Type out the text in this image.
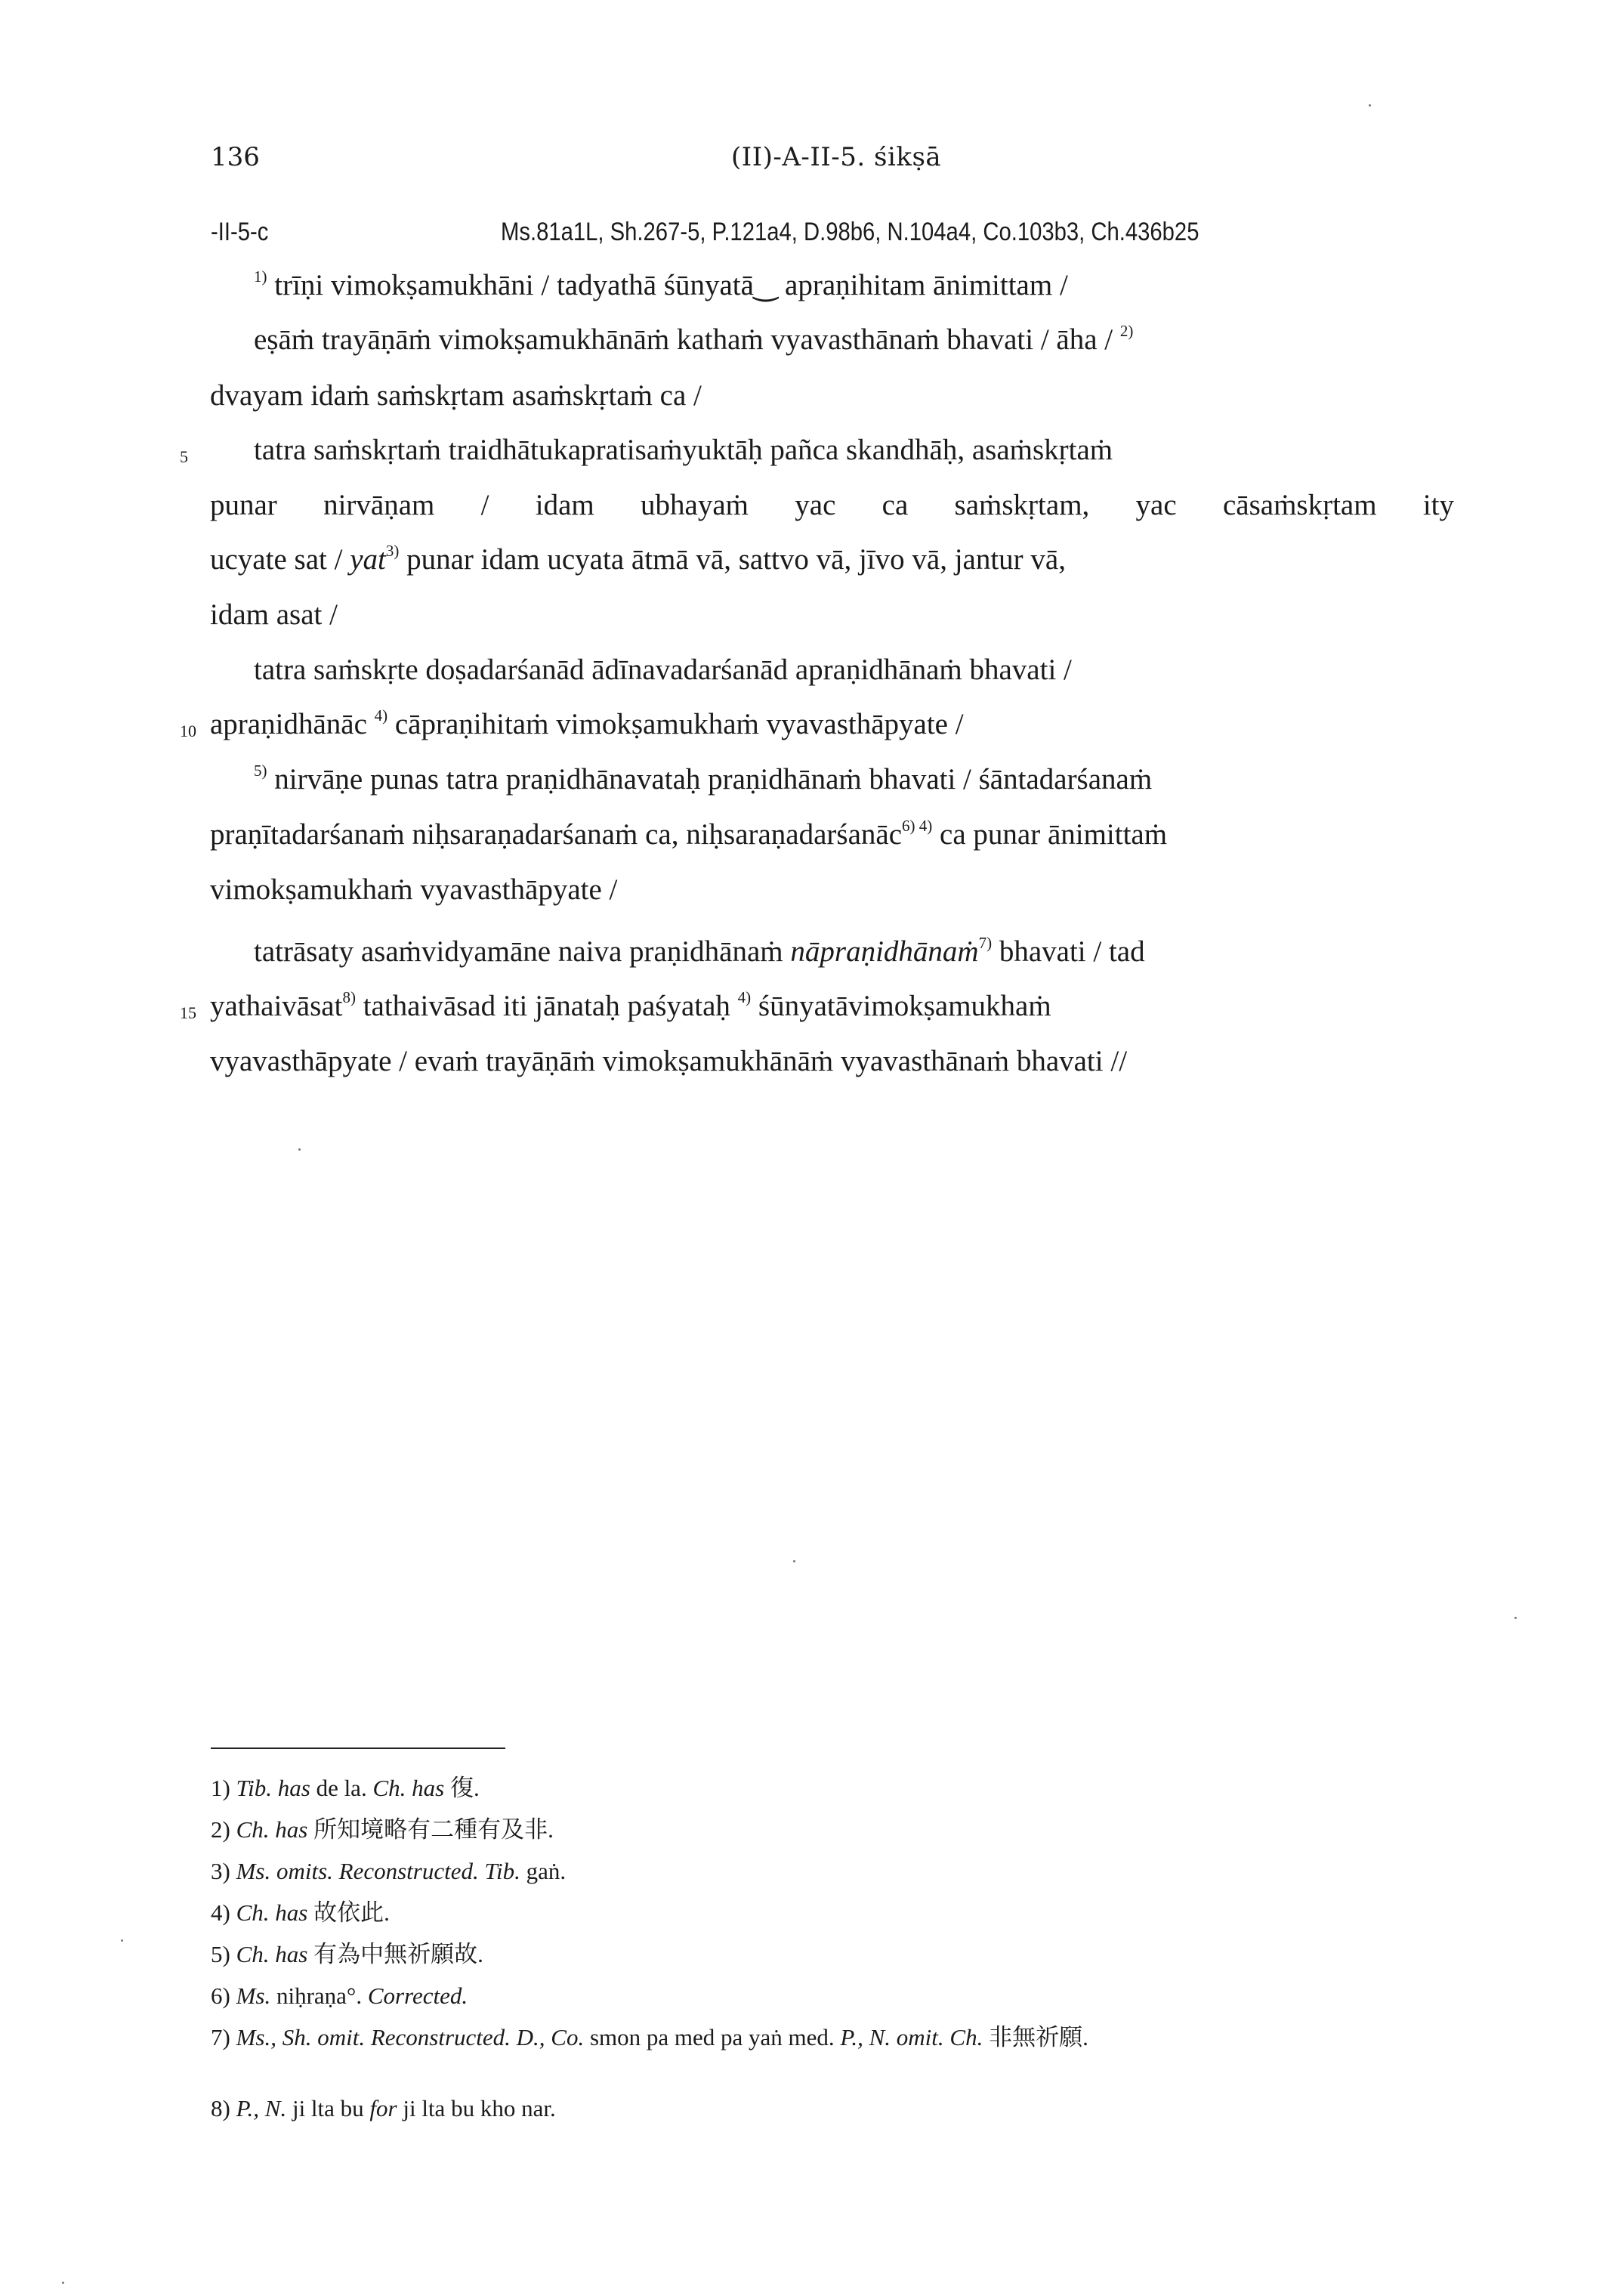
136	(II)-A-II-5. śikṣā
-II-5-c	Ms.81a1L, Sh.267-5, P.121a4, D.98b6, N.104a4, Co.103b3, Ch.436b25
$^{1)}$ trīṇi vimokṣamukhāni / tadyathā śūnyatā‿ apraṇihitam ānimittam /
eṣāṁ trayāṇāṁ vimokṣamukhānāṁ kathaṁ vyavasthānaṁ bhavati / āha / $^{2)}$
dvayam idaṁ saṁskṛtam asaṁskṛtaṁ ca /
5 tatra saṁskṛtaṁ traidhātukapratisaṁyuktāḥ pañca skandhāḥ, asaṁskṛtaṁ
punar nirvāṇam / idam ubhayaṁ yac ca saṁskṛtam, yac cāsaṁskṛtam ity
ucyate sat / yat$^{3)}$ punar idam ucyata ātmā vā, sattvo vā, jīvo vā, jantur vā,
idam asat /
tatra saṁskṛte doṣadarśanād ādīnavadarśanād apraṇidhānaṁ bhavati /
10 apraṇidhānāc $^{4)}$ cāpraṇihitaṁ vimokṣamukhaṁ vyavasthāpyate /
$^{5)}$ nirvāṇe punas tatra praṇidhānavataḥ praṇidhānaṁ bhavati / śāntadarśanaṁ
praṇītadarśanaṁ niḥsaraṇadarśanaṁ ca, niḥsaraṇadarśanāc$^{6) 4)}$ ca punar ānimittaṁ
vimokṣamukhaṁ vyavasthāpyate /
tatrāsaty asaṁvidyamāne naiva praṇidhānaṁ nāpraṇidhānaṁ$^{7)}$ bhavati / tad
15 yathaivāsat$^{8)}$ tathaivāsad iti jānataḥ paśyataḥ $^{4)}$ śūnyatāvimokṣamukhaṁ
vyavasthāpyate / evaṁ trayāṇāṁ vimokṣamukhānāṁ vyavasthānaṁ bhavati //
1) Tib. has de la. Ch. has 復.
2) Ch. has 所知境略有二種有及非.
3) Ms. omits. Reconstructed. Tib. gaṅ.
4) Ch. has 故依此.
5) Ch. has 有為中無祈願故.
6) Ms. niḥraṇa°. Corrected.
7) Ms., Sh. omit. Reconstructed. D., Co. smon pa med pa yaṅ med. P., N. omit. Ch. 非無祈願.
8) P., N. ji lta bu for ji lta bu kho nar.
